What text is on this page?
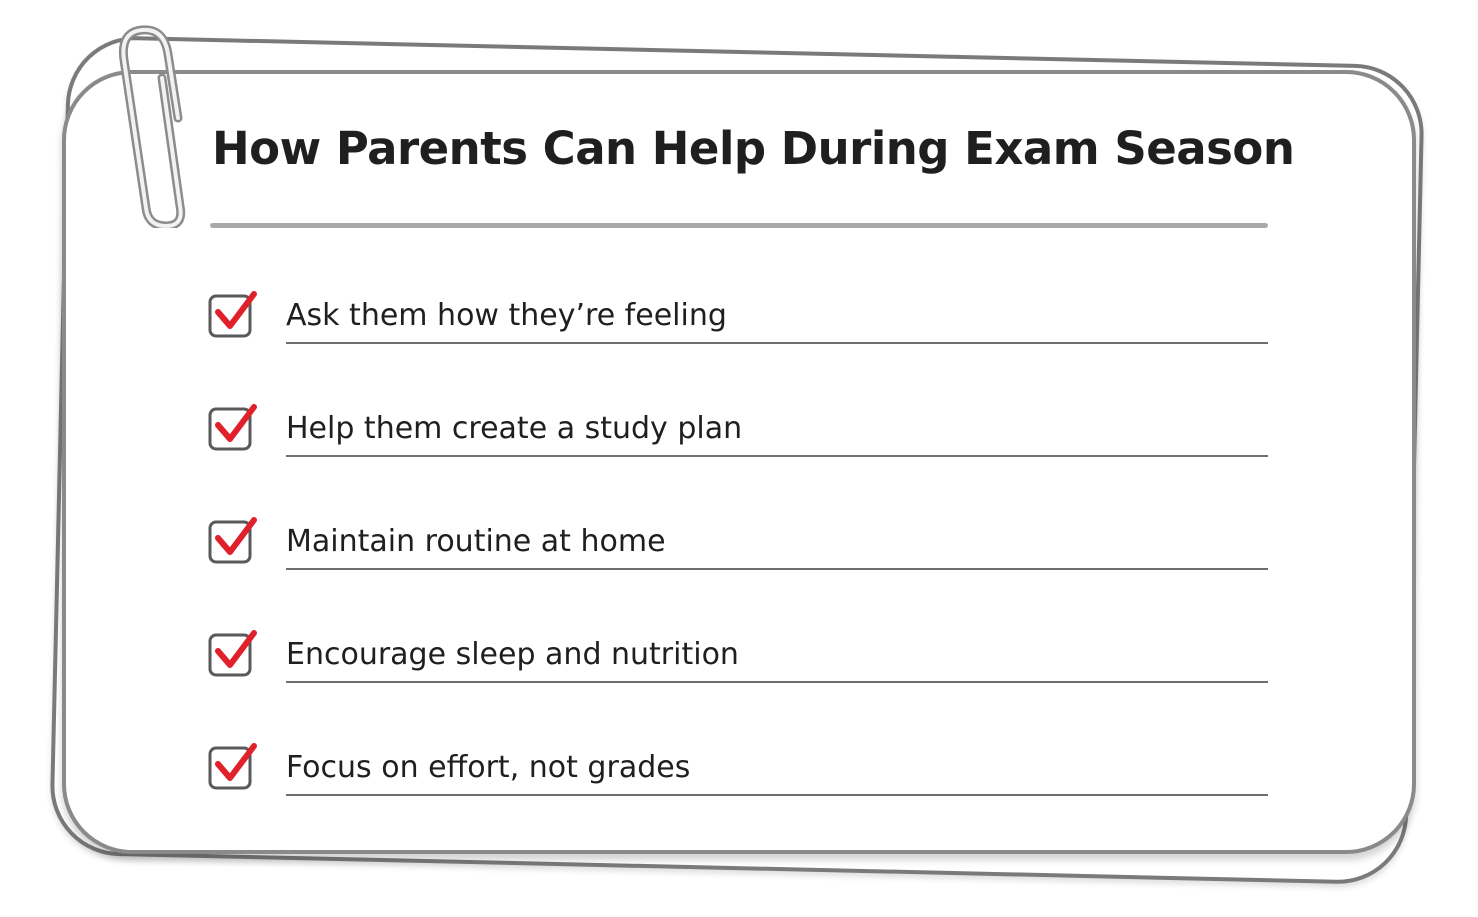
How Parents Can Help During Exam Season
Ask them how they’re feeling
Help them create a study plan
Maintain routine at home
Encourage sleep and nutrition
Focus on effort, not grades
